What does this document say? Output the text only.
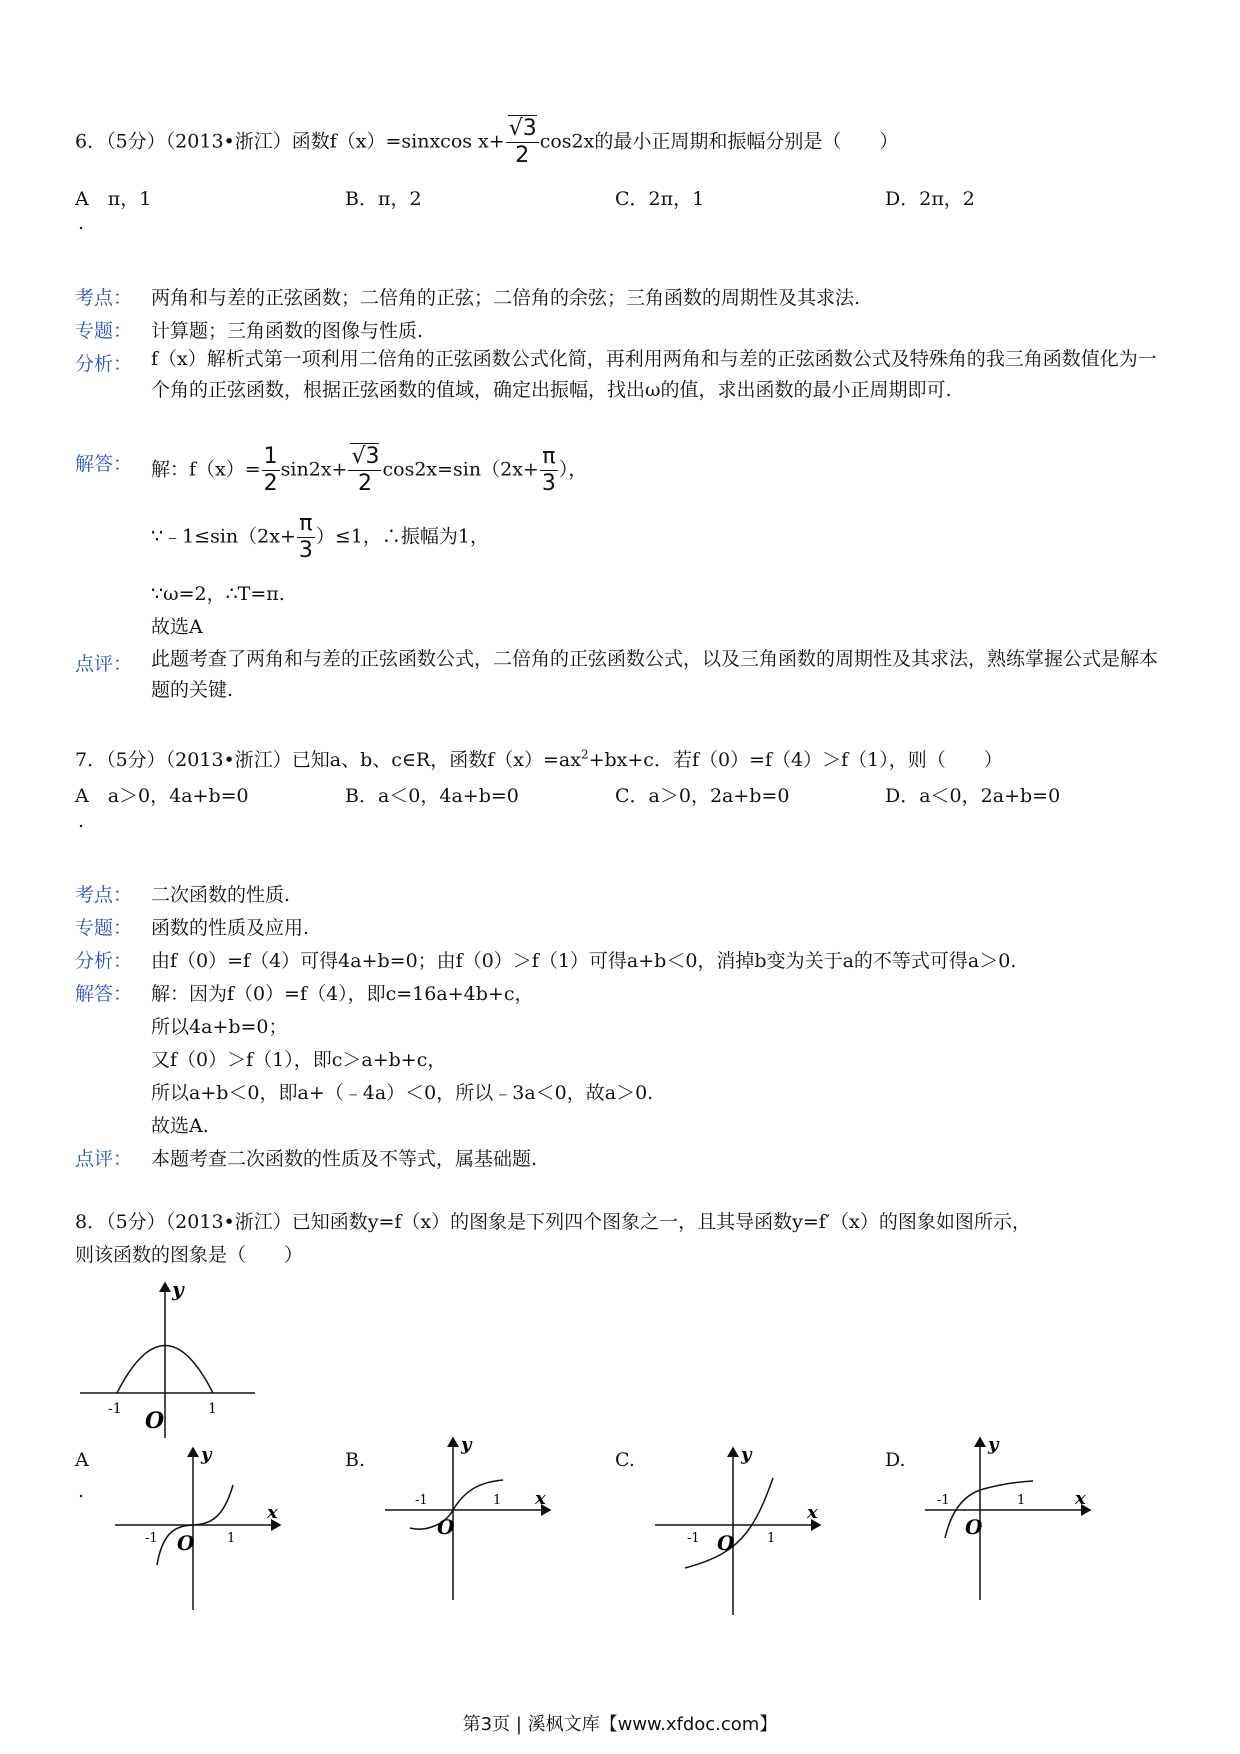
6．（5分）（2013•浙江）函数f（x）=sinxcos $x+ \frac{√3}{2} \cos 2x$的最小正周期和振幅分别是（　　）
A　π，1	B．π，2	C．2π，1	D．2π，2
.
考点： 两角和与差的正弦函数；二倍角的正弦；二倍角的余弦；三角函数的周期性及其求法.
专题： 计算题；三角函数的图像与性质.
分析： f（x）解析式第一项利用二倍角的正弦函数公式化简，再利用两角和与差的正弦函数公式及特殊角的我三角函数值化为一个角的正弦函数，根据正弦函数的值域，确定出振幅，找出ω的值，求出函数的最小正周期即可.
解答： 解：$f(x)= \frac{1}{2} \sin 2x+ \frac{√3}{2} \cos 2x=\sin(2x+ \frac{\pi}{3}$ ），
∵﹣1≤sin（2x+ $\frac{\pi}{3} )\le 1$，∴振幅为1，
∵ω=2，∴T=π.
故选A
点评： 此题考查了两角和与差的正弦函数公式，二倍角的正弦函数公式，以及三角函数的周期性及其求法，熟练掌握公式是解本题的关键.
7．（5分）（2013•浙江）已知a、b、c∈R，函数$f(x)=ax^2+bx+c$．若f（0）=f（4）＞f（1），则（　　）
A　a＞0，4a+b=0	B．a＜0，4a+b=0	C．a＞0，2a+b=0	D．a＜0，2a+b=0
.
考点： 二次函数的性质.
专题： 函数的性质及应用.
分析： 由f（0）=f（4）可得4a+b=0；由f（0）＞f（1）可得a+b＜0，消掉b变为关于a的不等式可得a＞0.
解答： 解：因为f（0）=f（4），即c=16a+4b+c，
所以4a+b=0；
又f（0）＞f（1），即c＞a+b+c，
所以a+b＜0，即a+（﹣4a）＜0，所以﹣3a＜0，故a＞0.
故选A.
点评： 本题考查二次函数的性质及不等式，属基础题.
8．（5分）（2013•浙江）已知函数y=f（x）的图象是下列四个图象之一，且其导函数y=f′（x）的图象如图所示，
则该函数的图象是（　　）
y
O
-1	1
A
.
B.	C.	D.
y
x
O
-1	1
y
x
O
-1	1
y
x
O
-1	1
y
x
O
-1	1
第3页 | 溪枫文库【www.xfdoc.com】
